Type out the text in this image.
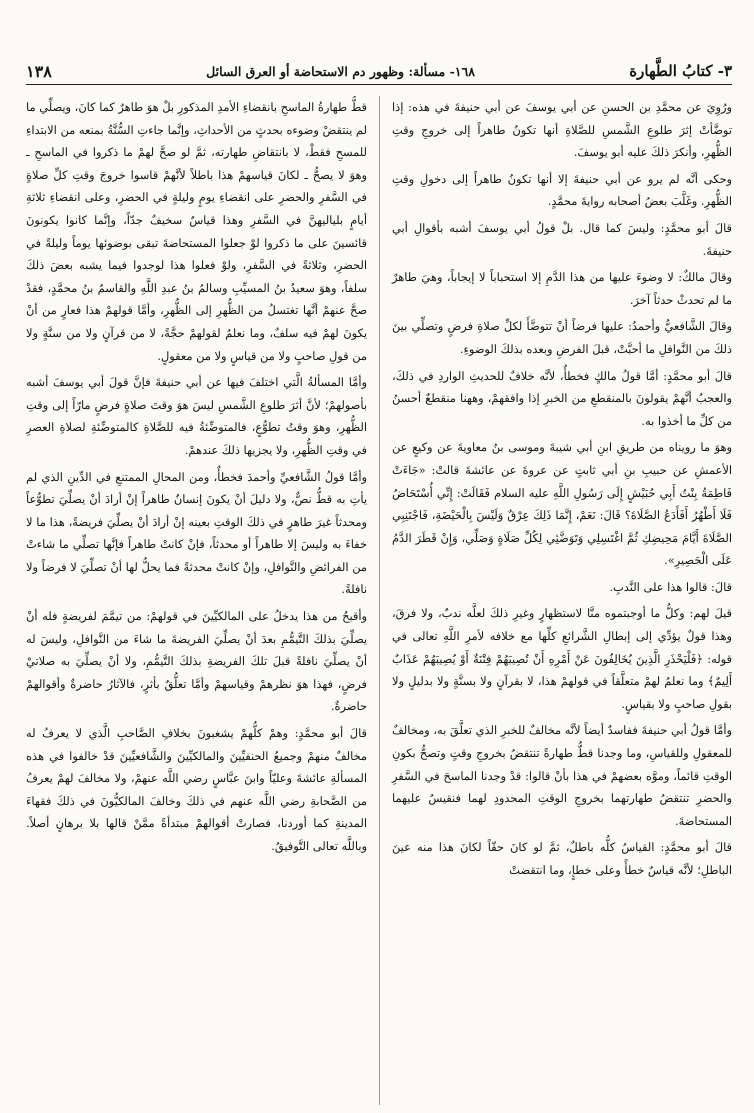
٣- كتابُ الطَّهارة
١٦٨- مسألة: وظهور دم الاستحاضة أو العرق السائل
١٣٨

ورُوِيَ عن محمَّدِ بن الحسنِ عن أبي يوسفَ عن أبي حنيفةَ في هذه: إذا توضَّأتْ إثرَ طلوعِ الشَّمسِ للصَّلاةِ أنها تكونُ طاهراً إلى خروجِ وقتِ الظُّهرِ، وأنكرَ ذلكَ عليه أبو يوسفَ.

وحكى أنَّه لم يرو عن أبي حنيفةَ إلا أنها تكونُ طاهراً إلى دخولِ وقتِ الظُّهرِ. وغَلَّبَ بعضُ أصحابه روايةَ محمَّدٍ.

قالَ أبو محمَّدٍ: وليسَ كما قال. بلْ قولُ أبي يوسفَ أشبه بأقوالِ أبي حنيفةَ.

وقالَ مالكٌ: لا وضوءَ عليها من هذا الدَّمِ إلا استحباباً لا إيجاباً، وهيَ طاهرٌ ما لم تحدثْ حدثاً آخرَ.

وقالَ الشَّافعيُّ وأحمدُ: عليها فرضاً أنْ تتوضَّأَ لكلِّ صلاةِ فرضٍ وتصلِّي بينَ ذلكَ من النَّوافلِ ما أحبَّتْ، قبلَ الفرضِ وبعده بذلكَ الوضوءِ.

قالَ أبو محمَّدٍ: أمَّا قولُ مالكٍ فخطأٌ، لأنَّه خلافٌ للحديثِ الواردِ في ذلكَ، والعجبُ أنَّهمْ يقولونَ بالمنقطعِ من الخبرِ إذا وافقهمْ، وههنا منقطعٌ أحسنُ من كلِّ ما أخذوا به.

وهوَ ما رويناه من طريقِ ابنِ أبي شيبةَ وموسى بنُ معاويةَ عن وكيعٍ عن الأعمشِ عن حبيبِ بنِ أبي ثابتٍ عن عروةَ عن عائشةَ قالتْ: «جَاءَتْ فَاطِمَةُ بِنْتُ أَبِي حُبَيْشٍ إِلَى رَسُولِ اللَّهِ عليه السلام فَقَالَتْ: إِنِّي أُسْتَحَاضُ فَلَا أَطْهُرُ أَفَأَدَعُ الصَّلَاةَ؟ قَالَ: نَعَمْ، إِنَّمَا ذَلِكَ عِرْقٌ وَلَيْسَ بِالْحَيْضَةِ، فَاجْتَنِبِي الصَّلَاةَ أَيَّامَ مَحِيضِكِ ثُمَّ اغْتَسِلِي وَتَوَضَّئِي لِكُلِّ صَلَاةٍ وَصَلِّي، وَإِنْ قَطَرَ الدَّمُ عَلَى الْحَصِيرِ».

قالَ: قالوا هذا على النَّدبِ.

قيلَ لهم: وكلُّ ما أوجبتموه منَّا لاستظهارٍ وغيرِ ذلكَ لعلَّه ندبٌ، ولا فرقَ، وهذا قولٌ يؤدِّي إلى إبطالِ الشَّرائعِ كلِّها مع خلافه لأمرِ اللَّهِ تعالى في قوله: ﴿فَلْيَحْذَرِ الَّذِينَ يُخَالِفُونَ عَنْ أَمْرِهِ أَنْ تُصِيبَهُمْ فِتْنَةٌ أَوْ يُصِيبَهُمْ عَذَابٌ أَلِيمٌ﴾ وما نعلمُ لهمْ متعلَّقاً في قولهمْ هذا، لا بقرآنٍ ولا بسنَّةٍ ولا بدليلٍ ولا بقولِ صاحبٍ ولا بقياسٍ.

وأمَّا قولُ أبي حنيفةَ ففاسدٌ أيضاً لأنَّه مخالفٌ للخبرِ الذي تعلَّقَ به، ومخالفٌ للمعقولِ وللقياسِ، وما وجدنا قطُّ طهارةً تنتقضُ بخروجِ وقتٍ وتصحُّ بكونِ الوقتِ قائماً، وموَّه بعضهمْ في هذا بأنْ قالوا: قدْ وجدنا الماسحَ في السَّفرِ والحضرِ تنتقضُ طهارتهما بخروجِ الوقتِ المحدودِ لهما فنقيسُ عليهما المستحاضةَ.

قالَ أبو محمَّدٍ: القياسُ كلُّه باطلٌ، ثمَّ لو كانَ حقّاً لكانَ هذا منه عينَ الباطلِ؛ لأنَّه قياسٌ خطأً وعلى خطإٍ، وما انتقضتْ

قطُّ طهارةُ الماسحِ بانقضاءِ الأمدِ المذكورِ بلْ هوَ طاهرٌ كما كانَ، ويصلِّي ما لم ينتقضْ وضوءه بحدثٍ من الأحداثِ، وإنَّما جاءتِ السُّنَّةُ بمنعه من الابتداءِ للمسحِ فقطْ، لا بانتقاضِ طهارته، ثمَّ لو صحَّ لهمْ ما ذكروا في الماسحِ ـ وهوَ لا يصحُّ ـ لكانَ قياسهمْ هذا باطلاً لأنَّهمْ قاسوا خروجَ وقتِ كلِّ صلاةٍ في السَّفرِ والحضرِ على انقضاءِ يومٍ وليلةٍ في الحضرِ، وعلى انقضاءِ ثلاثةِ أيامٍ بلياليهنَّ في السَّفرِ وهذا قياسٌ سخيفٌ جدّاً، وإنَّما كانوا يكونونَ قائسينَ على ما ذكروا لوْ جعلوا المستحاضةَ تبقى بوضوئها يوماً وليلةً في الحضرِ، وثلاثةً في السَّفرِ، ولوْ فعلوا هذا لوجدوا فيما يشبه بعضَ ذلكَ سلفاً، وهوَ سعيدُ بنُ المسيِّبِ وسالمُ بنُ عبدِ اللَّهِ والقاسمُ بنُ محمَّدٍ، فقدْ صحَّ عنهمْ أنَّها تغتسلُ من الظُّهرِ إلى الظُّهرِ، وأمَّا قولهمْ هذا فعارٍ من أنْ يكونَ لهمْ فيه سلفٌ، وما نعلمُ لقولهمْ حجَّةً، لا من قرآنٍ ولا من سنَّةٍ ولا من قولِ صاحبٍ ولا من قياسٍ ولا من معقولٍ.

وأمَّا المسألةُ الَّتي اختلفَ فيها عن أبي حنيفةَ فإنَّ قولَ أبي يوسفَ أشبه بأصولهمْ؛ لأنَّ أثرَ طلوعِ الشَّمسِ ليسَ هوَ وقتَ صلاةٍ فرضٍ مارّاً إلى وقتِ الظُّهرِ، وهوَ وقتُ تطوُّعٍ، فالمتوضِّئةُ فيه للصَّلاةِ كالمتوضِّئةِ لصلاةِ العصرِ في وقتِ الظُّهرِ، ولا يجزيها ذلكَ عندهمْ.

وأمَّا قولُ الشَّافعيِّ وأحمدَ فخطأٌ، ومن المحالِ الممتنعِ في الدِّينِ الذي لم يأتِ به قطُّ نصٌّ، ولا دليلَ أنْ يكونَ إنسانٌ طاهراً إنْ أرادَ أنْ يصلِّيَ تطوُّعاً ومحدثاً غيرَ طاهرٍ في ذلكَ الوقتِ بعينه إنْ أرادَ أنْ يصلِّيَ فريضةً، هذا ما لا خفاءَ به وليسَ إلا طاهراً أو محدثاً، فإنْ كانتْ طاهراً فإنَّها تصلِّي ما شاءتْ من الفرائضِ والنَّوافلِ، وإنْ كانتْ محدثةً فما يحلُّ لها أنْ تصلِّيَ لا فرضاً ولا نافلةً.

وأقبحُ من هذا يدخلُ على المالكيِّينَ في قولهمْ: من تيمَّمَ لفريضةٍ فله أنْ يصلِّيَ بذلكَ التَّيمُّمِ بعدَ أنْ يصلِّيَ الفريضةَ ما شاءَ من النَّوافلِ، وليسَ له أنْ يصلِّيَ نافلةً قبلَ تلكَ الفريضةِ بذلكَ التَّيمُّمِ، ولا أنْ يصلِّيَ به صلاتيْ فرضٍ، فهذا هوَ نظرهمْ وقياسهمْ وأمَّا تعلُّقٌ بأثرٍ، فالآثارُ حاضرةٌ وأقوالهمْ حاضرةٌ.

قالَ أبو محمَّدٍ: وهمْ كلُّهمْ يشغبونَ بخلافِ الصَّاحبِ الَّذي لا يعرفُ له مخالفٌ منهمْ وجميعُ الحنفيِّينَ والمالكيِّينَ والشَّافعيِّينَ قدْ خالفوا في هذه المسألةِ عائشةَ وعليّاً وابنَ عبَّاسٍ رضي اللَّه عنهمْ، ولا مخالفَ لهمْ يعرفُ من الصَّحابةِ رضي اللَّه عنهم في ذلكَ وخالفَ المالكيُّونَ في ذلكَ فقهاءَ المدينةِ كما أوردنا، فصارتْ أقوالهمْ مبتدأةً ممَّنْ قالها بلا برهانٍ أصلاً. وباللَّه تعالى التَّوفيقُ.
